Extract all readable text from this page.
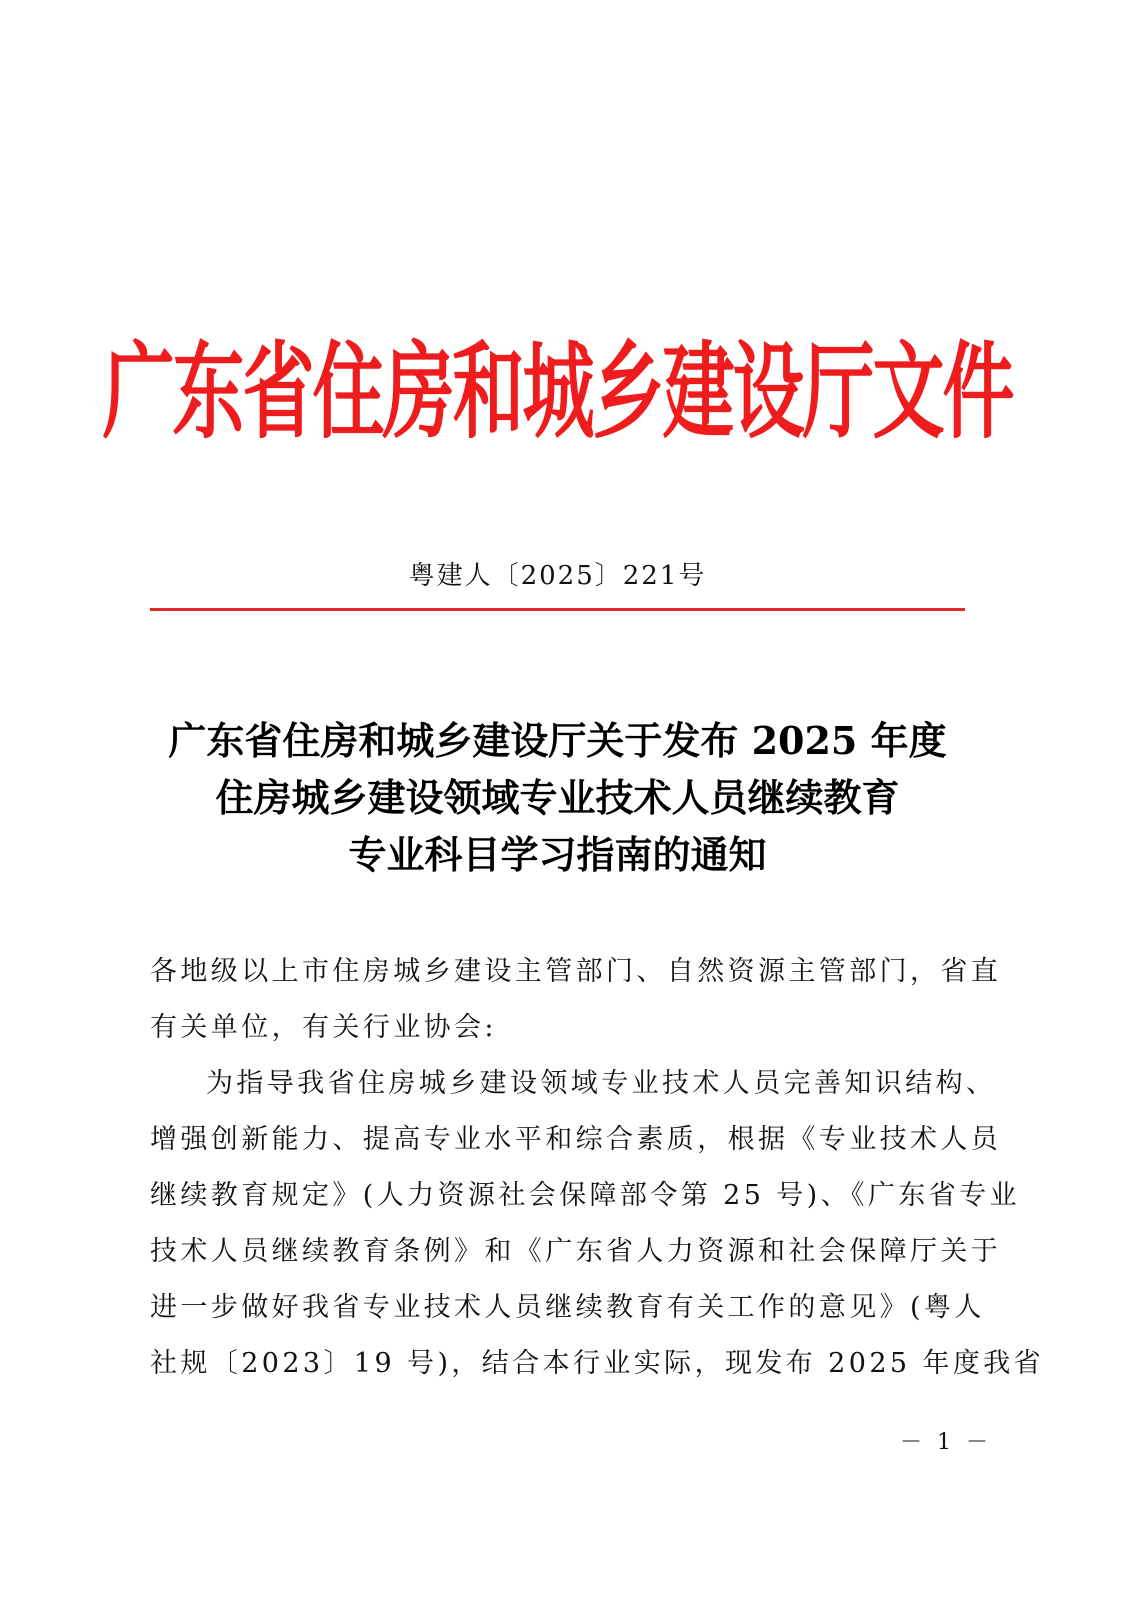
广东省住房和城乡建设厅文件
粤建人〔2025〕221号
广东省住房和城乡建设厅关于发布 2025 年度
住房城乡建设领域专业技术人员继续教育
专业科目学习指南的通知
各地级以上市住房城乡建设主管部门、自然资源主管部门，省直
有关单位，有关行业协会:
为指导我省住房城乡建设领域专业技术人员完善知识结构、
增强创新能力、提高专业水平和综合素质，根据《专业技术人员
继续教育规定》(人力资源社会保障部令第 25 号)、《广东省专业
技术人员继续教育条例》和《广东省人力资源和社会保障厅关于
进一步做好我省专业技术人员继续教育有关工作的意见》(粤人
社规〔2023〕19 号)，结合本行业实际，现发布 2025 年度我省
－ 1 －
